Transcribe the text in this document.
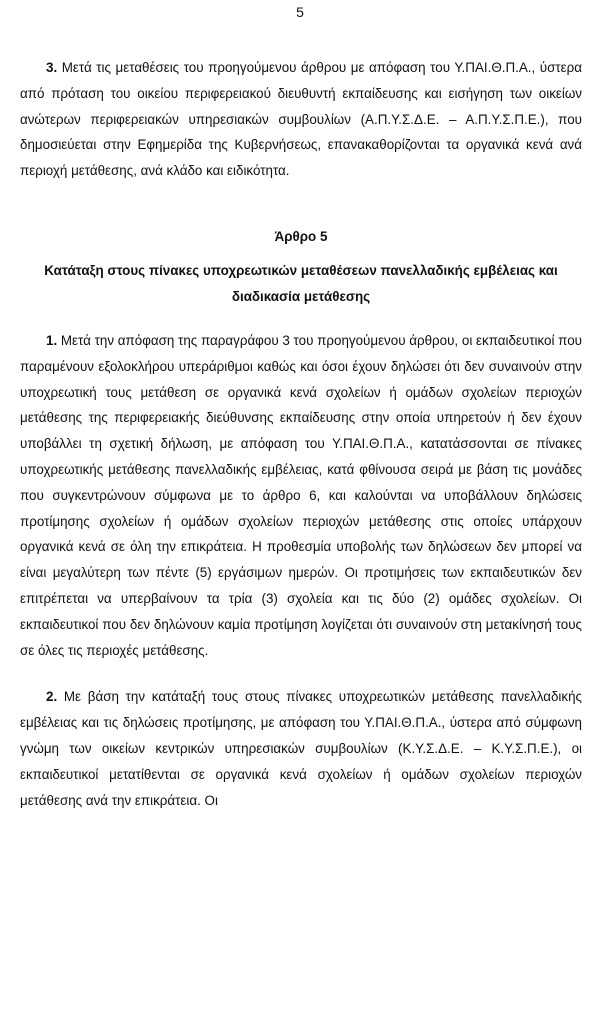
5

3. Μετά τις μεταθέσεις του προηγούμενου άρθρου με απόφαση του Υ.ΠΑΙ.Θ.Π.Α., ύστερα από πρόταση του οικείου περιφερειακού διευθυντή εκπαίδευσης και εισήγηση των οικείων ανώτερων περιφερειακών υπηρεσιακών συμβουλίων (Α.Π.Υ.Σ.Δ.Ε. – Α.Π.Υ.Σ.Π.Ε.), που δημοσιεύεται στην Εφημερίδα της Κυβερνήσεως, επανακαθορίζονται τα οργανικά κενά ανά περιοχή μετάθεσης, ανά κλάδο και ειδικότητα.

Άρθρο 5
Κατάταξη στους πίνακες υποχρεωτικών μεταθέσεων πανελλαδικής εμβέλειας και διαδικασία μετάθεσης

1. Μετά την απόφαση της παραγράφου 3 του προηγούμενου άρθρου, οι εκπαιδευτικοί που παραμένουν εξολοκλήρου υπεράριθμοι καθώς και όσοι έχουν δηλώσει ότι δεν συναινούν στην υποχρεωτική τους μετάθεση σε οργανικά κενά σχολείων ή ομάδων σχολείων περιοχών μετάθεσης της περιφερειακής διεύθυνσης εκπαίδευσης στην οποία υπηρετούν ή δεν έχουν υποβάλλει τη σχετική δήλωση, με απόφαση του Υ.ΠΑΙ.Θ.Π.Α., κατατάσσονται σε πίνακες υποχρεωτικής μετάθεσης πανελλαδικής εμβέλειας, κατά φθίνουσα σειρά με βάση τις μονάδες που συγκεντρώνουν σύμφωνα με το άρθρο 6, και καλούνται να υποβάλλουν δηλώσεις προτίμησης σχολείων ή ομάδων σχολείων περιοχών μετάθεσης στις οποίες υπάρχουν οργανικά κενά σε όλη την επικράτεια. Η προθεσμία υποβολής των δηλώσεων δεν μπορεί να είναι μεγαλύτερη των πέντε (5) εργάσιμων ημερών. Οι προτιμήσεις των εκπαιδευτικών δεν επιτρέπεται να υπερβαίνουν τα τρία (3) σχολεία και τις δύο (2) ομάδες σχολείων. Οι εκπαιδευτικοί που δεν δηλώνουν καμία προτίμηση λογίζεται ότι συναινούν στη μετακίνησή τους σε όλες τις περιοχές μετάθεσης.

2. Με βάση την κατάταξή τους στους πίνακες υποχρεωτικών μετάθεσης πανελλαδικής εμβέλειας και τις δηλώσεις προτίμησης, με απόφαση του Υ.ΠΑΙ.Θ.Π.Α., ύστερα από σύμφωνη γνώμη των οικείων κεντρικών υπηρεσιακών συμβουλίων (Κ.Υ.Σ.Δ.Ε. – Κ.Υ.Σ.Π.Ε.), οι εκπαιδευτικοί μετατίθενται σε οργανικά κενά σχολείων ή ομάδων σχολείων περιοχών μετάθεσης ανά την επικράτεια. Οι
